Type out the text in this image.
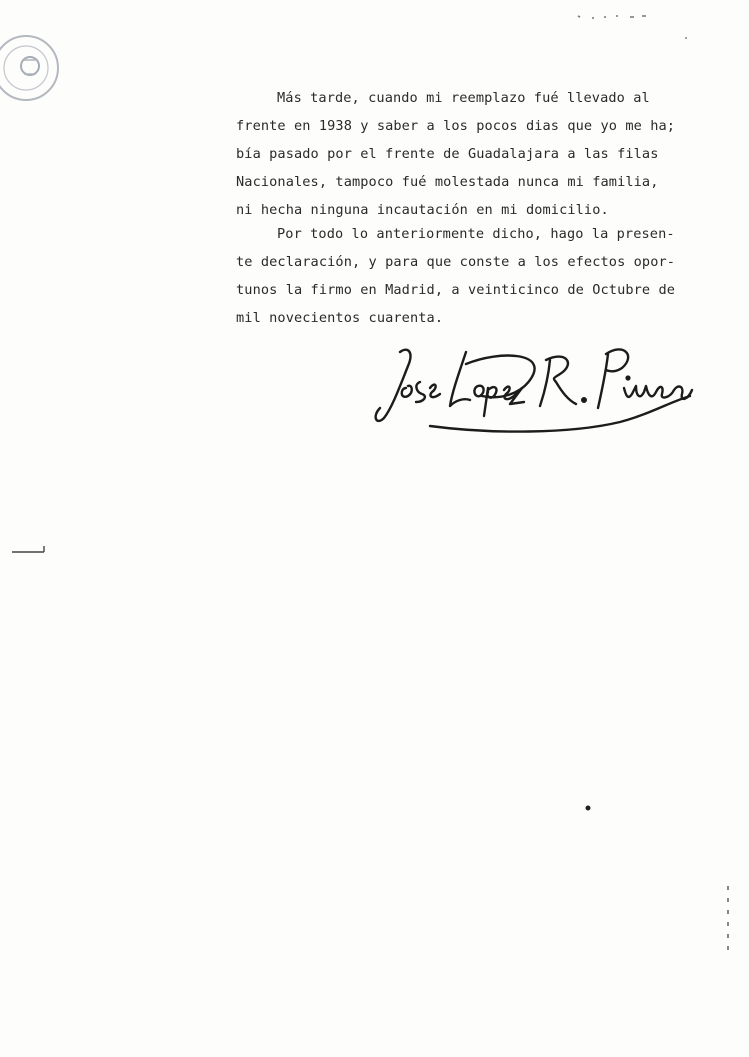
Más tarde, cuando mi reemplazo fué llevado al
frente en 1938 y saber a los pocos dias que yo me ha;
bía pasado por el frente de Guadalajara a las filas
Nacionales, tampoco fué molestada nunca mi familia,
ni hecha ninguna incautación en mi domicilio.
Por todo lo anteriormente dicho, hago la presen-
te declaración, y para que conste a los efectos opor-
tunos la firmo en Madrid, a veinticinco de Octubre de
mil novecientos cuarenta.
